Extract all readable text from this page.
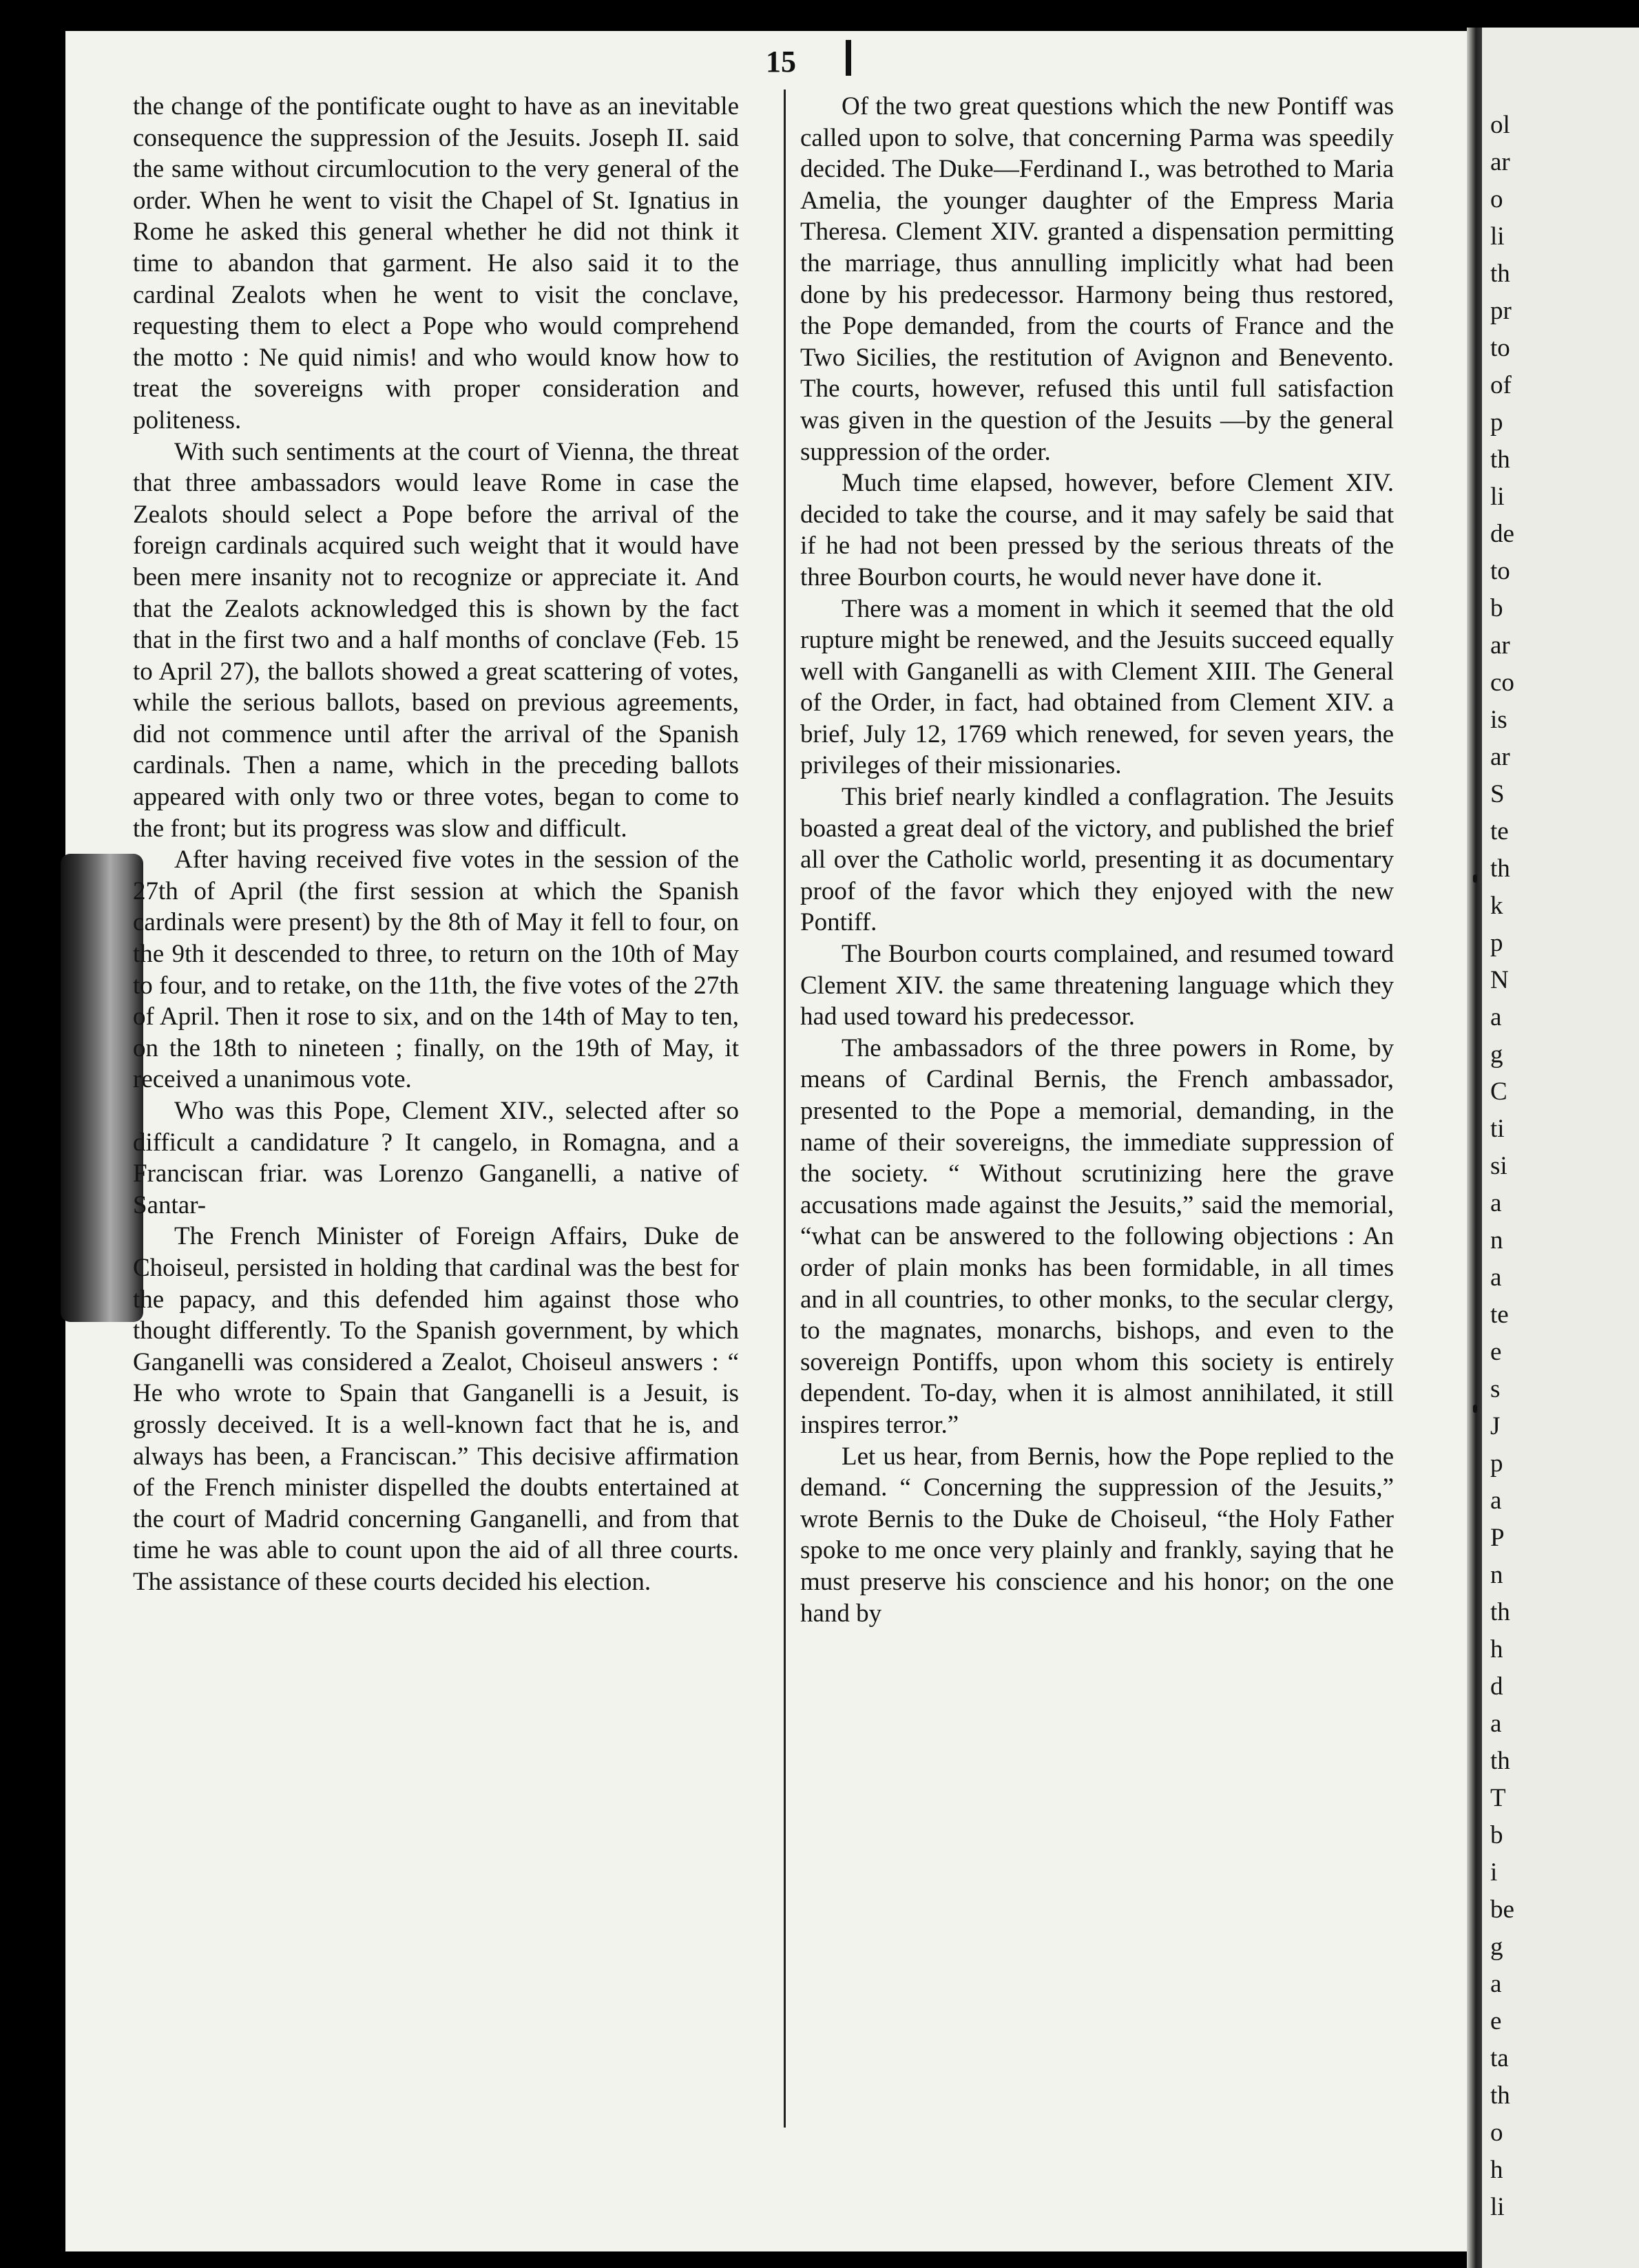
ol
ar
o
li
th
pr
to
of
p
th
li
de
to
b
ar
co
is
ar
S
te
th
k
p
N
a
g
C
ti
si
a
n
a
te
e
s
J
p
a
P
n
th
h
d
a
th
T
b
i
be
g
a
e
ta
th
o
h
li
15

the change of the pontificate ought to have as an inevitable consequence the suppression of the Jesuits. Joseph II. said the same without circumlocution to the very general of the order. When he went to visit the Chapel of St. Ignatius in Rome he asked this general whether he did not think it time to abandon that garment. He also said it to the cardinal Zealots when he went to visit the conclave, requesting them to elect a Pope who would comprehend the motto : Ne quid nimis! and who would know how to treat the sovereigns with proper consideration and politeness.

With such sentiments at the court of Vienna, the threat that three ambassadors would leave Rome in case the Zealots should select a Pope before the arrival of the foreign cardinals acquired such weight that it would have been mere insanity not to recognize or appreciate it. And that the Zealots acknowledged this is shown by the fact that in the first two and a half months of conclave (Feb. 15 to April 27), the ballots showed a great scattering of votes, while the serious ballots, based on previous agreements, did not commence until after the arrival of the Spanish cardinals. Then a name, which in the preceding ballots appeared with only two or three votes, began to come to the front; but its progress was slow and difficult.

After having received five votes in the session of the 27th of April (the first session at which the Spanish cardinals were present) by the 8th of May it fell to four, on the 9th it descended to three, to return on the 10th of May to four, and to retake, on the 11th, the five votes of the 27th of April. Then it rose to six, and on the 14th of May to ten, on the 18th to nineteen ; finally, on the 19th of May, it received a unanimous vote.

Who was this Pope, Clement XIV., selected after so difficult a candidature ? It cangelo, in Romagna, and a Franciscan friar. was Lorenzo Ganganelli, a native of Santar-

The French Minister of Foreign Affairs, Duke de Choiseul, persisted in holding that cardinal was the best for the papacy, and this defended him against those who thought differently. To the Spanish government, by which Ganganelli was considered a Zealot, Choiseul answers : “ He who wrote to Spain that Ganganelli is a Jesuit, is grossly deceived. It is a well-known fact that he is, and always has been, a Franciscan.” This decisive affirmation of the French minister dispelled the doubts entertained at the court of Madrid concerning Ganganelli, and from that time he was able to count upon the aid of all three courts. The assistance of these courts decided his election.

Of the two great questions which the new Pontiff was called upon to solve, that concerning Parma was speedily decided. The Duke—Ferdinand I., was betrothed to Maria Amelia, the younger daughter of the Empress Maria Theresa. Clement XIV. granted a dispensation permitting the marriage, thus annulling implicitly what had been done by his predecessor. Harmony being thus restored, the Pope demanded, from the courts of France and the Two Sicilies, the restitution of Avignon and Benevento. The courts, however, refused this until full satisfaction was given in the question of the Jesuits —by the general suppression of the order.

Much time elapsed, however, before Clement XIV. decided to take the course, and it may safely be said that if he had not been pressed by the serious threats of the three Bourbon courts, he would never have done it.

There was a moment in which it seemed that the old rupture might be renewed, and the Jesuits succeed equally well with Ganganelli as with Clement XIII. The General of the Order, in fact, had obtained from Clement XIV. a brief, July 12, 1769 which renewed, for seven years, the privileges of their missionaries.

This brief nearly kindled a conflagration. The Jesuits boasted a great deal of the victory, and published the brief all over the Catholic world, presenting it as documentary proof of the favor which they enjoyed with the new Pontiff.

The Bourbon courts complained, and resumed toward Clement XIV. the same threatening language which they had used toward his predecessor.

The ambassadors of the three powers in Rome, by means of Cardinal Bernis, the French ambassador, presented to the Pope a memorial, demanding, in the name of their sovereigns, the immediate suppression of the society. “ Without scrutinizing here the grave accusations made against the Jesuits,” said the memorial, “what can be answered to the following objections : An order of plain monks has been formidable, in all times and in all countries, to other monks, to the secular clergy, to the magnates, monarchs, bishops, and even to the sovereign Pontiffs, upon whom this society is entirely dependent. To-day, when it is almost annihilated, it still inspires terror.”

Let us hear, from Bernis, how the Pope replied to the demand. “ Concerning the suppression of the Jesuits,” wrote Bernis to the Duke de Choiseul, “the Holy Father spoke to me once very plainly and frankly, saying that he must preserve his conscience and his honor; on the one hand by
